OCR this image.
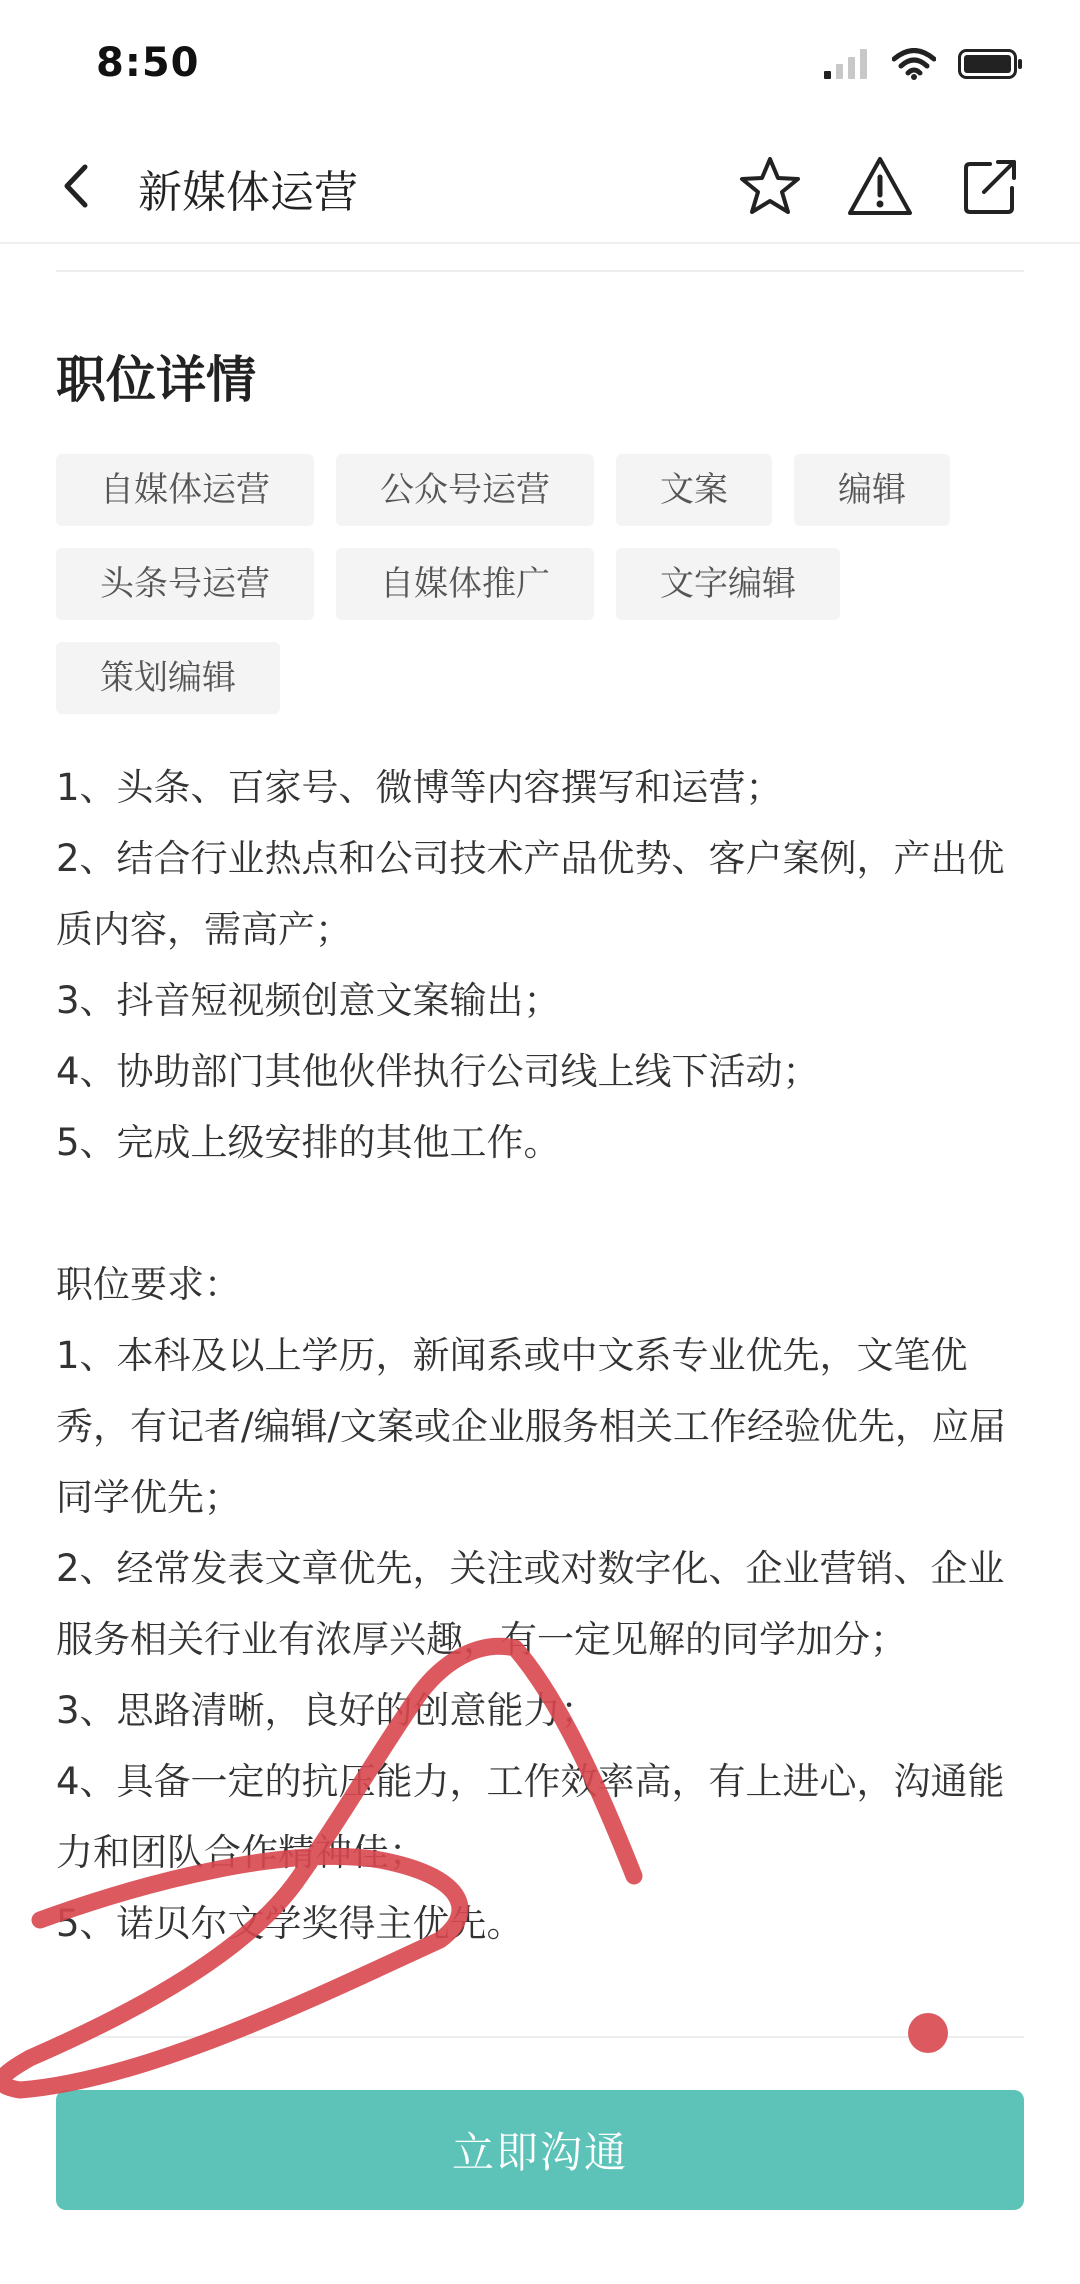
8:50
新媒体运营
职位详情
自媒体运营	公众号运营	文案	编辑
头条号运营	自媒体推广	文字编辑
策划编辑

1、头条、百家号、微博等内容撰写和运营；

2、结合行业热点和公司技术产品优势、客户案例，产出优质内容，需高产；

3、抖音短视频创意文案输出；

4、协助部门其他伙伴执行公司线上线下活动；

5、完成上级安排的其他工作。

职位要求：

1、本科及以上学历，新闻系或中文系专业优先，文笔优秀，有记者/编辑/文案或企业服务相关工作经验优先，应届同学优先；

2、经常发表文章优先，关注或对数字化、企业营销、企业服务相关行业有浓厚兴趣，有一定见解的同学加分；

3、思路清晰，良好的创意能力；

4、具备一定的抗压能力，工作效率高，有上进心，沟通能力和团队合作精神佳；

5、诺贝尔文学奖得主优先。

立即沟通
